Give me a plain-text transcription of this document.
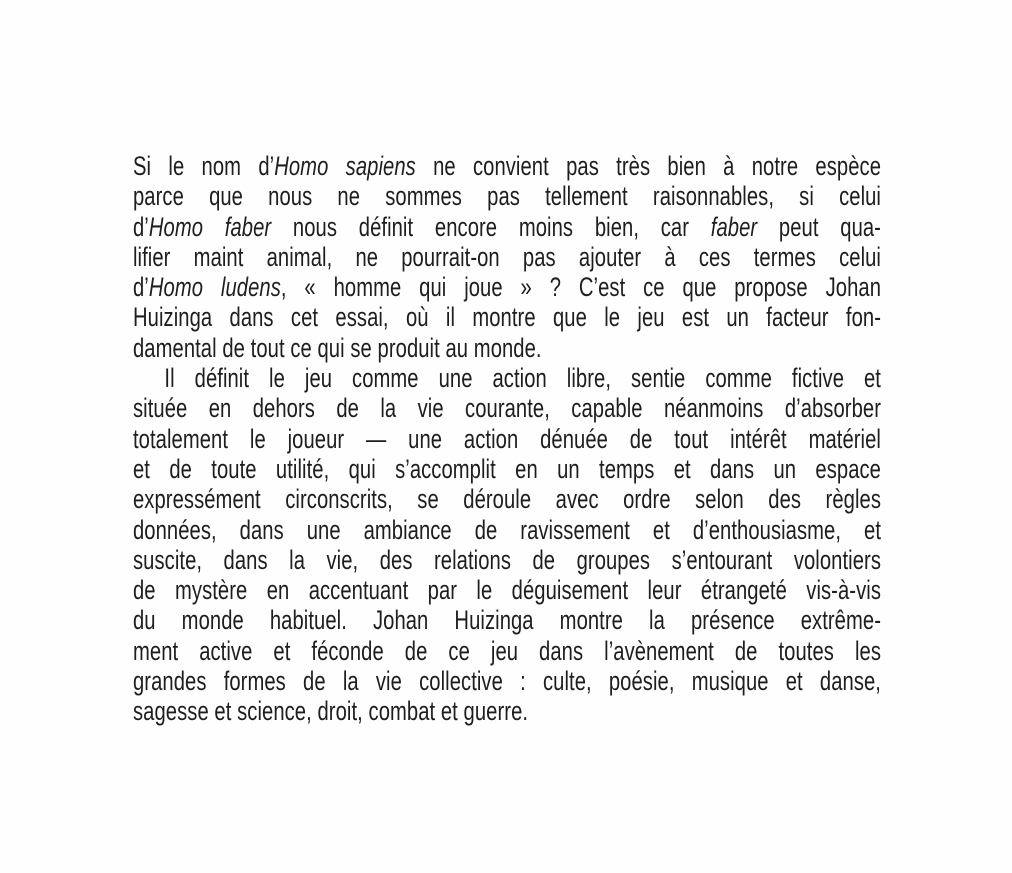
Si le nom d’Homo sapiens ne convient pas très bien à notre espèce
parce que nous ne sommes pas tellement raisonnables, si celui
d’Homo faber nous définit encore moins bien, car faber peut qua-
lifier maint animal, ne pourrait-on pas ajouter à ces termes celui
d’Homo ludens, « homme qui joue » ? C’est ce que propose Johan
Huizinga dans cet essai, où il montre que le jeu est un facteur fon-
damental de tout ce qui se produit au monde.
Il définit le jeu comme une action libre, sentie comme fictive et
située en dehors de la vie courante, capable néanmoins d’absorber
totalement le joueur — une action dénuée de tout intérêt matériel
et de toute utilité, qui s’accomplit en un temps et dans un espace
expressément circonscrits, se déroule avec ordre selon des règles
données, dans une ambiance de ravissement et d’enthousiasme, et
suscite, dans la vie, des relations de groupes s’entourant volontiers
de mystère en accentuant par le déguisement leur étrangeté vis-à-vis
du monde habituel. Johan Huizinga montre la présence extrême-
ment active et féconde de ce jeu dans l’avènement de toutes les
grandes formes de la vie collective : culte, poésie, musique et danse,
sagesse et science, droit, combat et guerre.
